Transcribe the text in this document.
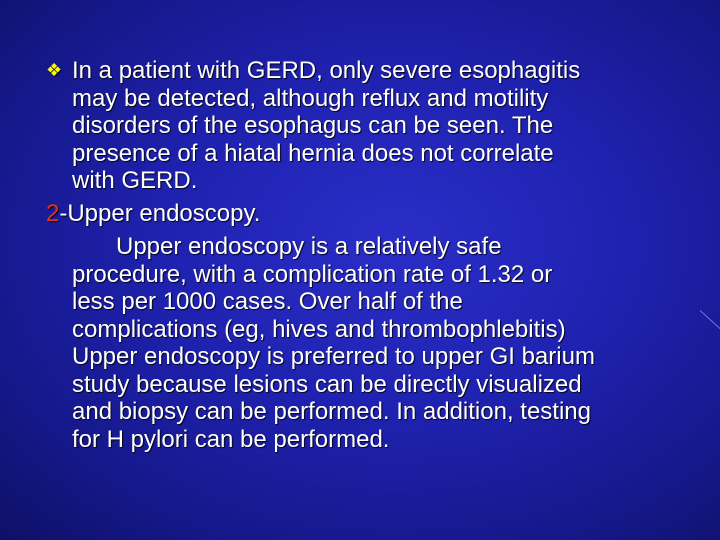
❖ In a patient with GERD, only severe esophagitis
may be detected, although reflux and motility
disorders of the esophagus can be seen. The
presence of a hiatal hernia does not correlate
with GERD.
2-Upper endoscopy.
Upper endoscopy is a relatively safe
procedure, with a complication rate of 1.32 or
less per 1000 cases. Over half of the
complications (eg, hives and thrombophlebitis)
Upper endoscopy is preferred to upper GI barium
study because lesions can be directly visualized
and biopsy can be performed. In addition, testing
for H pylori can be performed.
